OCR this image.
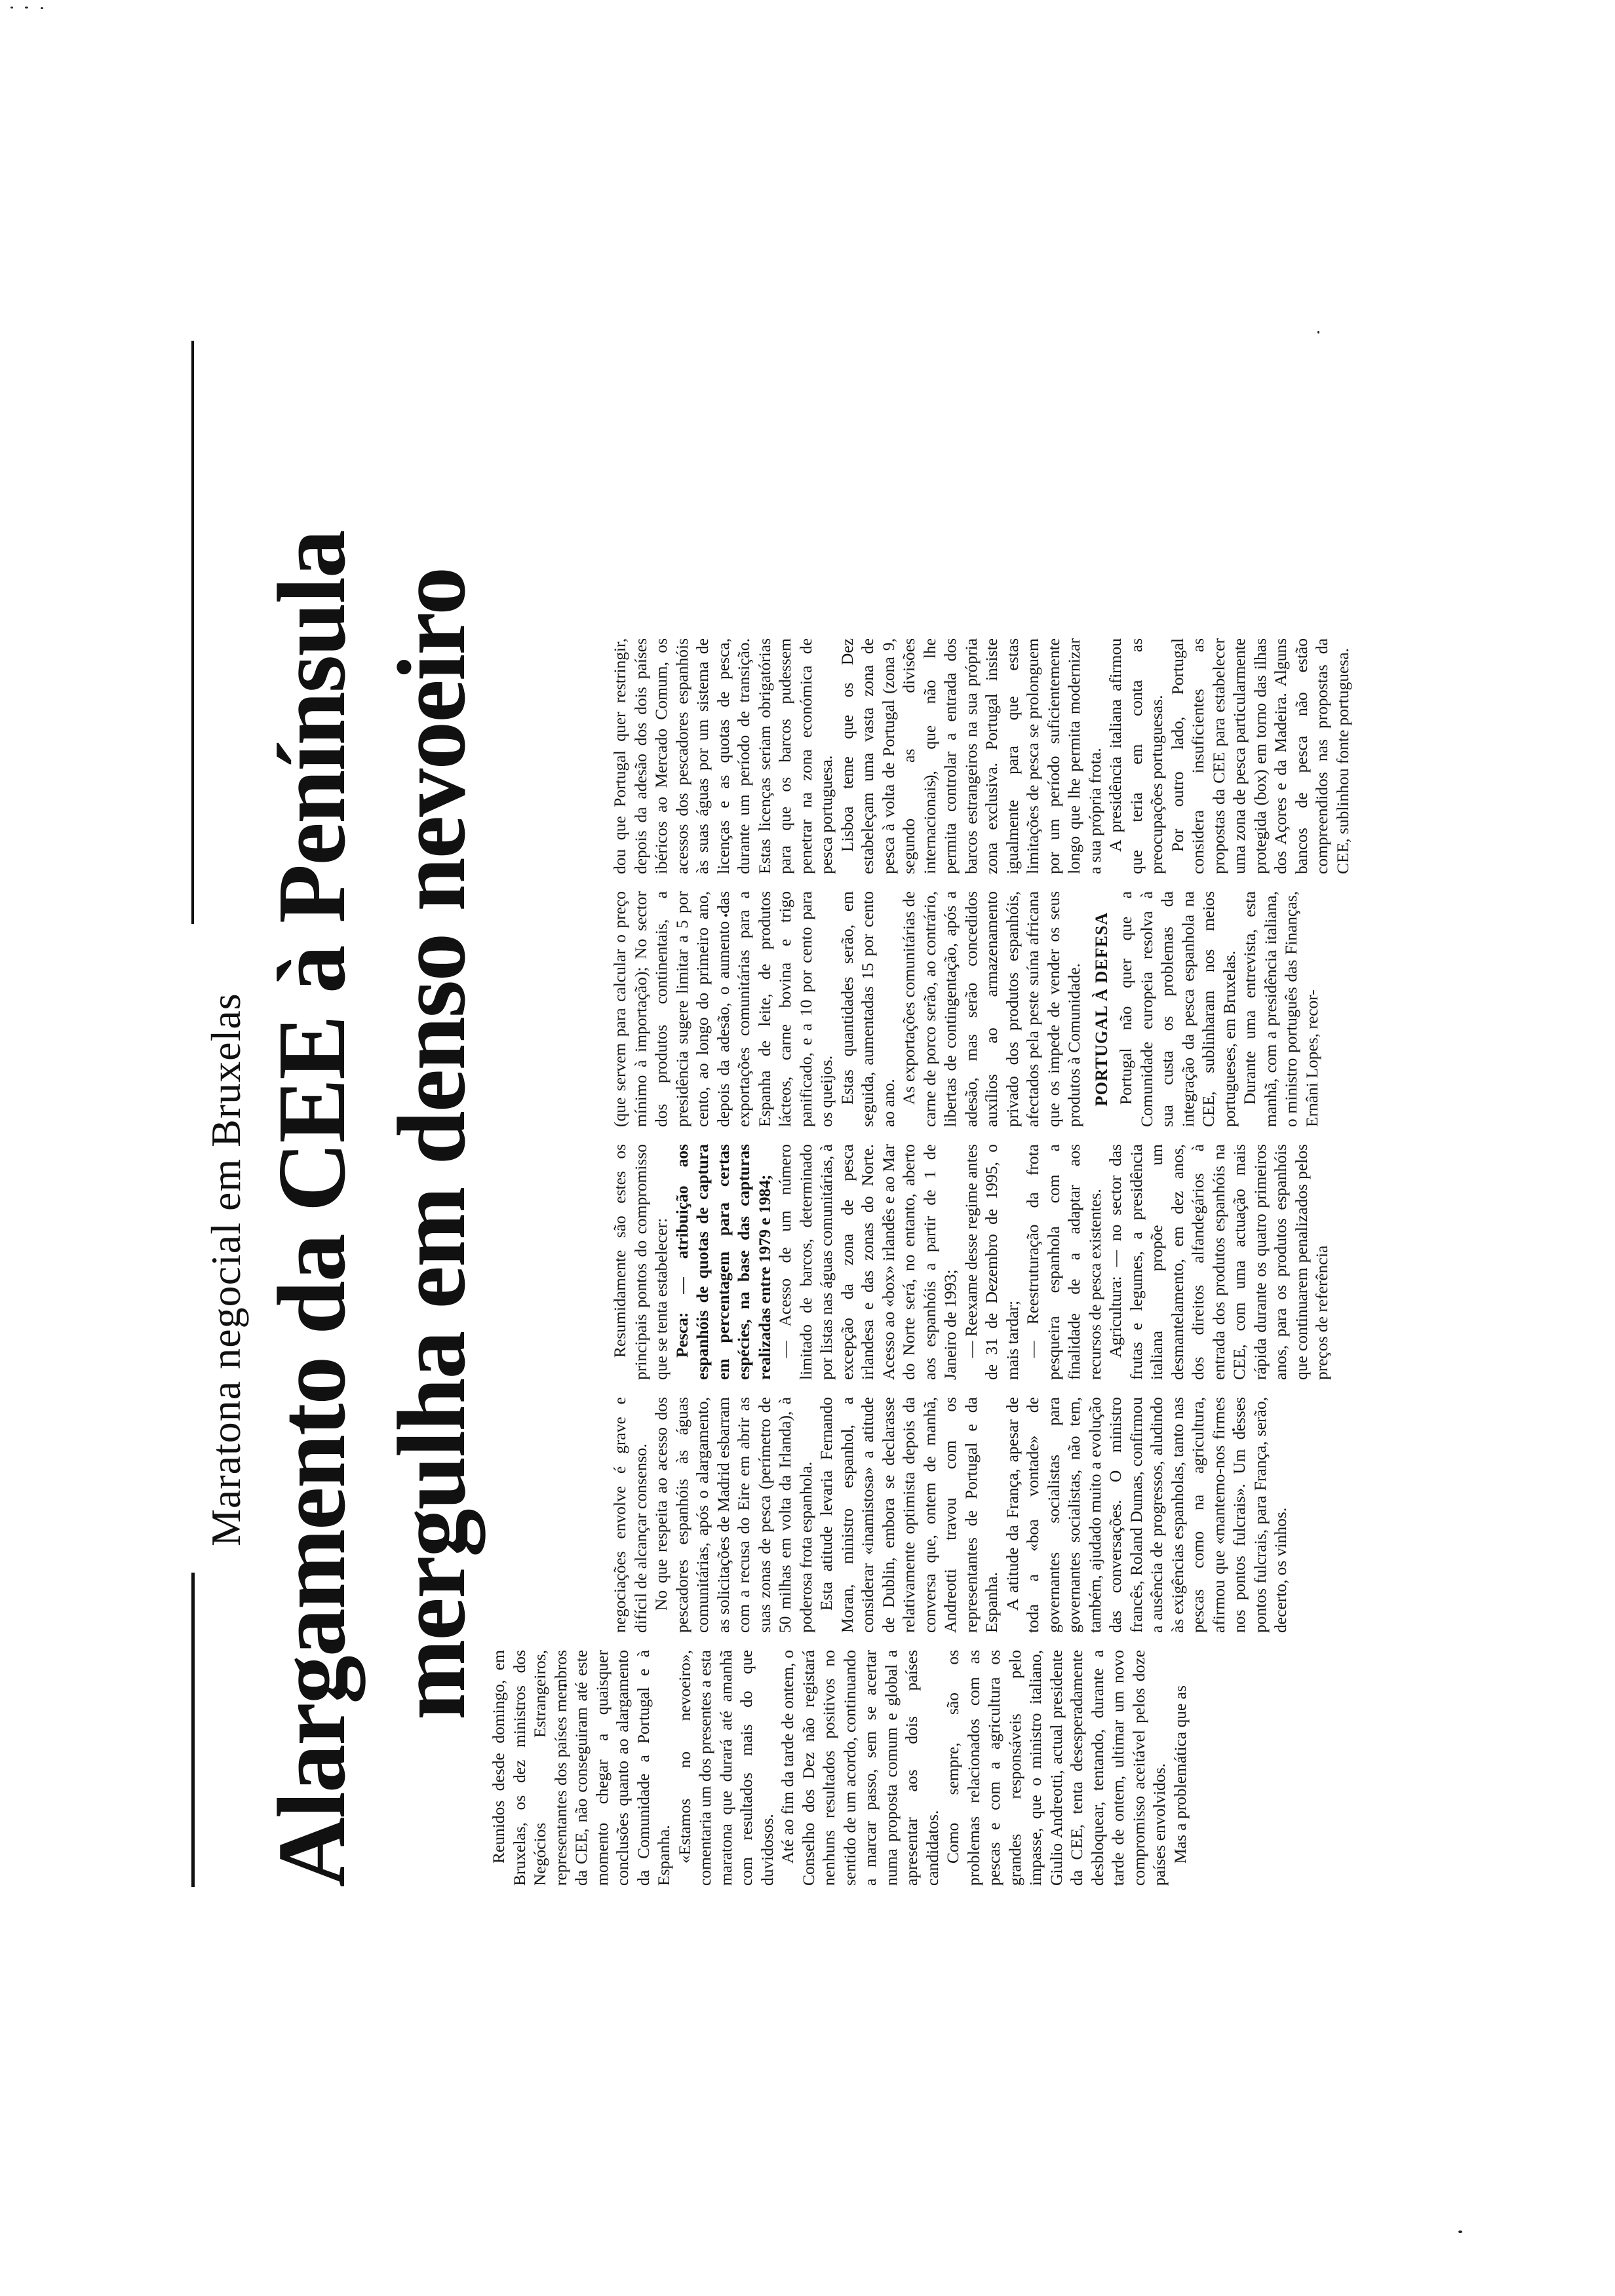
Maratona negocial em Bruxelas Alargamento da CEE à Península mergulha em denso nevoeiro

Reunidos desde domingo, em Bruxelas, os dez ministros dos Negócios Estrangeiros, representantes dos países membros da CEE, não conseguiram até este momento chegar a quaisquer conclusões quanto ao alargamento da Comunidade a Portugal e à Espanha. «Estamos no nevoeiro», comentaria um dos presentes a esta maratona que durará até amanhã com resultados mais do que duvidosos. Até ao fim da tarde de ontem, o Conselho dos Dez não registará nenhuns resultados positivos no sentido de um acordo, continuando a marcar passo, sem se acertar numa proposta comum e global a apresentar aos dois países candidatos. Como sempre, são os problemas relacionados com as pescas e com a agricultura os grandes responsáveis pelo impasse, que o ministro italiano, Giulio Andreotti, actual presidente da CEE, tenta desesperadamente desbloquear, tentando, durante a tarde de ontem, ultimar um novo compromisso aceitável pelos doze países envolvidos. Mas a problemática que as

negociações envolve é grave e difícil de alcançar consenso. No que respeita ao acesso dos pescadores espanhóis às águas comunitárias, após o alargamento, as solicitações de Madrid esbarram com a recusa do Eire em abrir as suas zonas de pesca (perímetro de 50 milhas em volta da Irlanda), à poderosa frota espanhola. Esta atitude levaria Fernando Moran, ministro espanhol, a considerar «inamistosa» a atitude de Dublin, embora se declarasse relativamente optimista depois da conversa que, ontem de manhã, Andreotti travou com os representantes de Portugal e da Espanha. A atitude da França, apesar de toda a «boa vontade» de governantes socialistas para governantes socialistas, não tem, também, ajudado muito a evolução das conversações. O ministro francês, Roland Dumas, confirmou a ausência de progressos, aludindo às exigências espanholas, tanto nas pescas como na agricultura, afirmou que «mantemo-nos firmes nos pontos fulcrais». Um desses pontos fulcrais, para França, serão, decerto, os vinhos.

Resumidamente são estes os principais pontos do compromisso que se tenta estabelecer: Pesca: — atribuição aos espanhóis de quotas de captura em percentagem para certas espécies, na base das capturas realizadas entre 1979 e 1984; — Acesso de um número limitado de barcos, determinado por listas nas águas comunitárias, à excepção da zona de pesca irlandesa e das zonas do Norte. Acesso ao «box» irlandês e ao Mar do Norte será, no entanto, aberto aos espanhóis a partir de 1 de Janeiro de 1993; — Reexame desse regime antes de 31 de Dezembro de 1995, o mais tardar; — Reestruturação da frota pesqueira espanhola com a finalidade de a adaptar aos recursos de pesca existentes. Agricultura: — no sector das frutas e legumes, a presidência italiana propõe um desmantelamento, em dez anos, dos direitos alfandegários à entrada dos produtos espanhóis na CEE, com uma actuação mais rápida durante os quatro primeiros anos, para os produtos espanhóis que continuarem penalizados pelos preços de referência

(que servem para calcular o preço mínimo à importação); No sector dos produtos continentais, a presidência sugere limitar a 5 por cento, ao longo do primeiro ano, depois da adesão, o aumento das exportações comunitárias para a Espanha de leite, de produtos lácteos, carne bovina e trigo panificado, e a 10 por cento para os queijos. Estas quantidades serão, em seguida, aumentadas 15 por cento ao ano. As exportações comunitárias de carne de porco serão, ao contrário, libertas de contingentação, após a adesão, mas serão concedidos auxílios ao armazenamento privado dos produtos espanhóis, afectados pela peste suína africana que os impede de vender os seus produtos à Comunidade. PORTUGAL À DEFESA Portugal não quer que a Comunidade europeia resolva à sua custa os problemas da integração da pesca espanhola na CEE, sublinharam nos meios portugueses, em Bruxelas. Durante uma entrevista, esta manhã, com a presidência italiana, o ministro português das Finanças, Ernâni Lopes, recor-

dou que Portugal quer restringir, depois da adesão dos dois países ibéricos ao Mercado Comum, os acessos dos pescadores espanhóis às suas águas por um sistema de licenças e as quotas de pesca, durante um período de transição. Estas licenças seriam obrigatórias para que os barcos pudessem penetrar na zona económica de pesca portuguesa. Lisboa teme que os Dez estabeleçam uma vasta zona de pesca à volta de Portugal (zona 9, segundo as divisões internacionais), que não lhe permita controlar a entrada dos barcos estrangeiros na sua própria zona exclusiva. Portugal insiste igualmente para que estas limitações de pesca se prolonguem por um período suficientemente longo que lhe permita modernizar a sua própria frota. A presidência italiana afirmou que teria em conta as preocupações portuguesas. Por outro lado, Portugal considera insuficientes as propostas da CEE para estabelecer uma zona de pesca particularmente protegida (box) em torno das ilhas dos Açores e da Madeira. Alguns bancos de pesca não estão compreendidos nas propostas da CEE, sublinhou fonte portuguesa.
